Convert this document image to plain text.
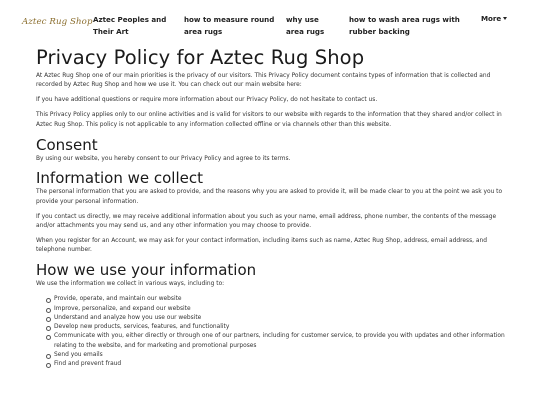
Aztec Rug Shop Aztec Peoples and Their Art
how to measure round area rugs
why use area rugs
how to wash area rugs with rubber backing
More
Privacy Policy for Aztec Rug Shop

At Aztec Rug Shop one of our main priorities is the privacy of our visitors. This Privacy Policy document contains types of information that is collected and recorded by Aztec Rug Shop and how we use it. You can check out our main website here:

If you have additional questions or require more information about our Privacy Policy, do not hesitate to contact us.

This Privacy Policy applies only to our online activities and is valid for visitors to our website with regards to the information that they shared and/or collect in Aztec Rug Shop. This policy is not applicable to any information collected offline or via channels other than this website.

Consent

By using our website, you hereby consent to our Privacy Policy and agree to its terms.

Information we collect

The personal information that you are asked to provide, and the reasons why you are asked to provide it, will be made clear to you at the point we ask you to provide your personal information.

If you contact us directly, we may receive additional information about you such as your name, email address, phone number, the contents of the message and/or attachments you may send us, and any other information you may choose to provide.

When you register for an Account, we may ask for your contact information, including items such as name, Aztec Rug Shop, address, email address, and telephone number.

How we use your information

We use the information we collect in various ways, including to:

Provide, operate, and maintain our website
Improve, personalize, and expand our website
Understand and analyze how you use our website
Develop new products, services, features, and functionality
Communicate with you, either directly or through one of our partners, including for customer service, to provide you with updates and other information relating to the website, and for marketing and promotional purposes
Send you emails
Find and prevent fraud
